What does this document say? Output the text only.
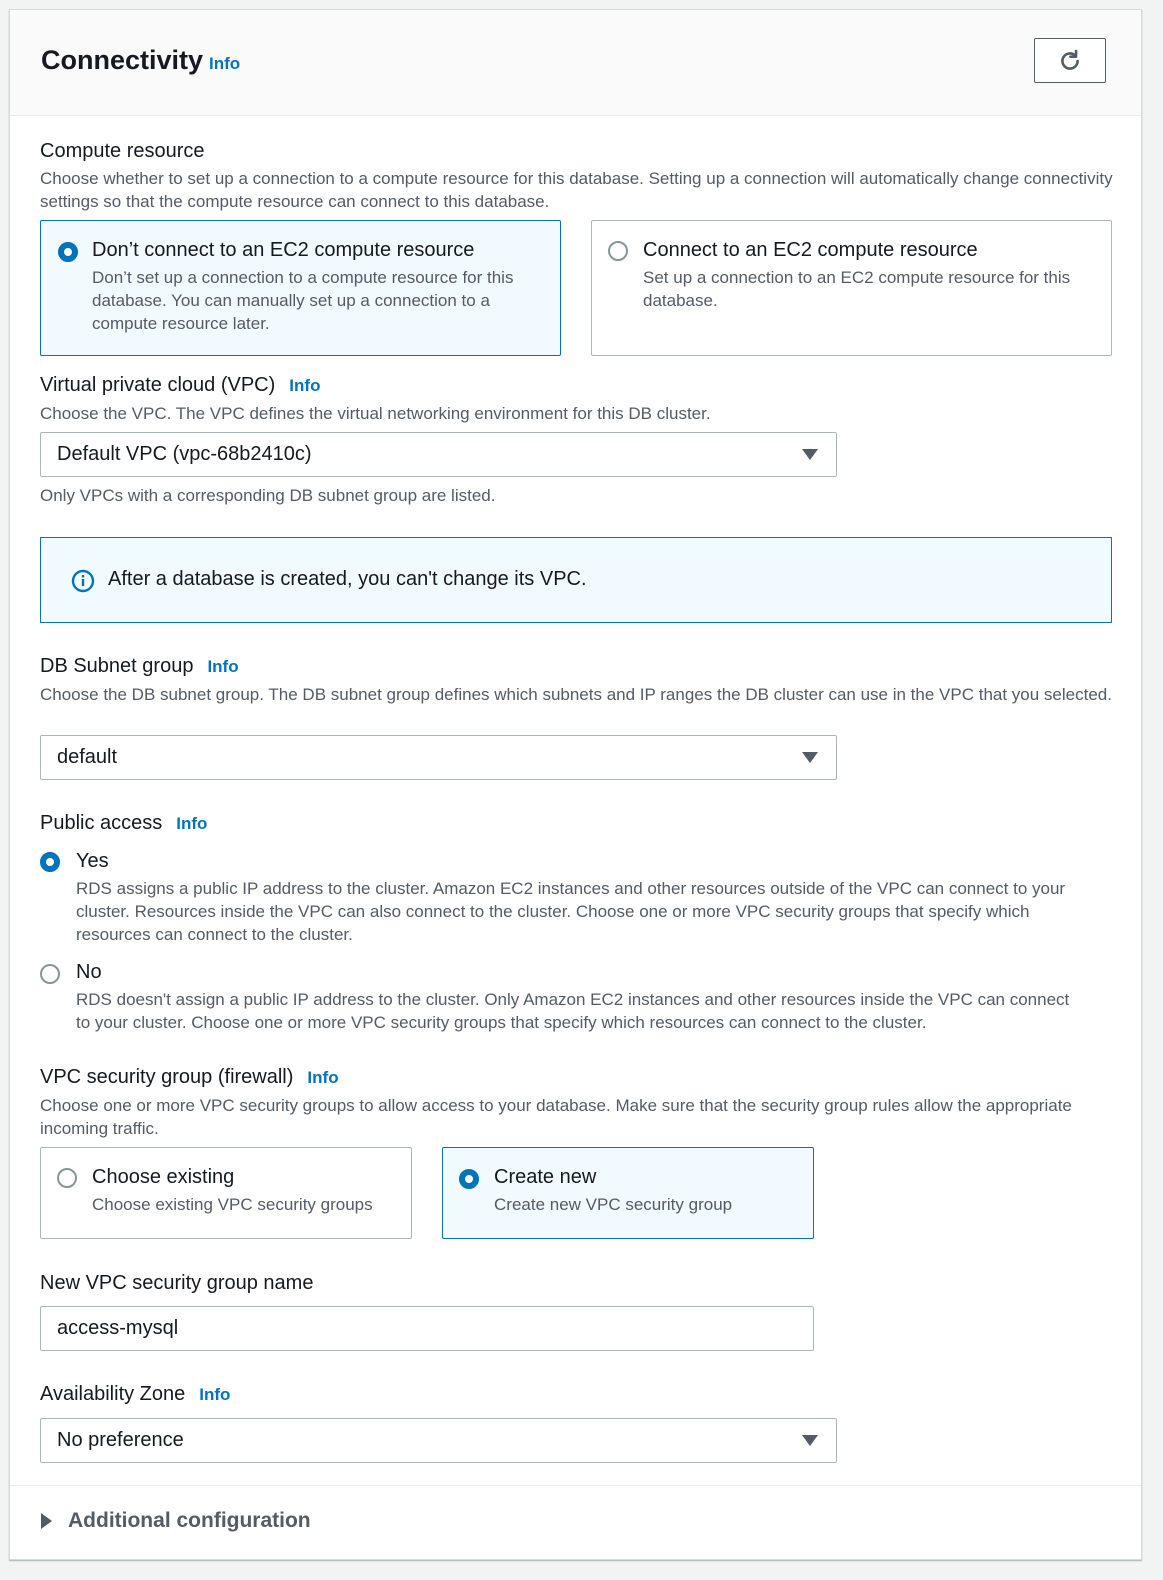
Connectivity Info
Compute resource
Choose whether to set up a connection to a compute resource for this database. Setting up a connection will automatically change connectivity settings so that the compute resource can connect to this database.
Don’t connect to an EC2 compute resource
Don’t set up a connection to a compute resource for this database. You can manually set up a connection to a compute resource later.
Connect to an EC2 compute resource
Set up a connection to an EC2 compute resource for this database.
Virtual private cloud (VPC) Info
Choose the VPC. The VPC defines the virtual networking environment for this DB cluster.
Default VPC (vpc-68b2410c)
Only VPCs with a corresponding DB subnet group are listed.
After a database is created, you can't change its VPC.
DB Subnet group Info
Choose the DB subnet group. The DB subnet group defines which subnets and IP ranges the DB cluster can use in the VPC that you selected.
default
Public access Info
Yes
RDS assigns a public IP address to the cluster. Amazon EC2 instances and other resources outside of the VPC can connect to your cluster. Resources inside the VPC can also connect to the cluster. Choose one or more VPC security groups that specify which resources can connect to the cluster.
No
RDS doesn't assign a public IP address to the cluster. Only Amazon EC2 instances and other resources inside the VPC can connect to your cluster. Choose one or more VPC security groups that specify which resources can connect to the cluster.
VPC security group (firewall) Info
Choose one or more VPC security groups to allow access to your database. Make sure that the security group rules allow the appropriate incoming traffic.
Choose existing
Choose existing VPC security groups
Create new
Create new VPC security group
New VPC security group name
access-mysql
Availability Zone Info
No preference
Additional configuration
